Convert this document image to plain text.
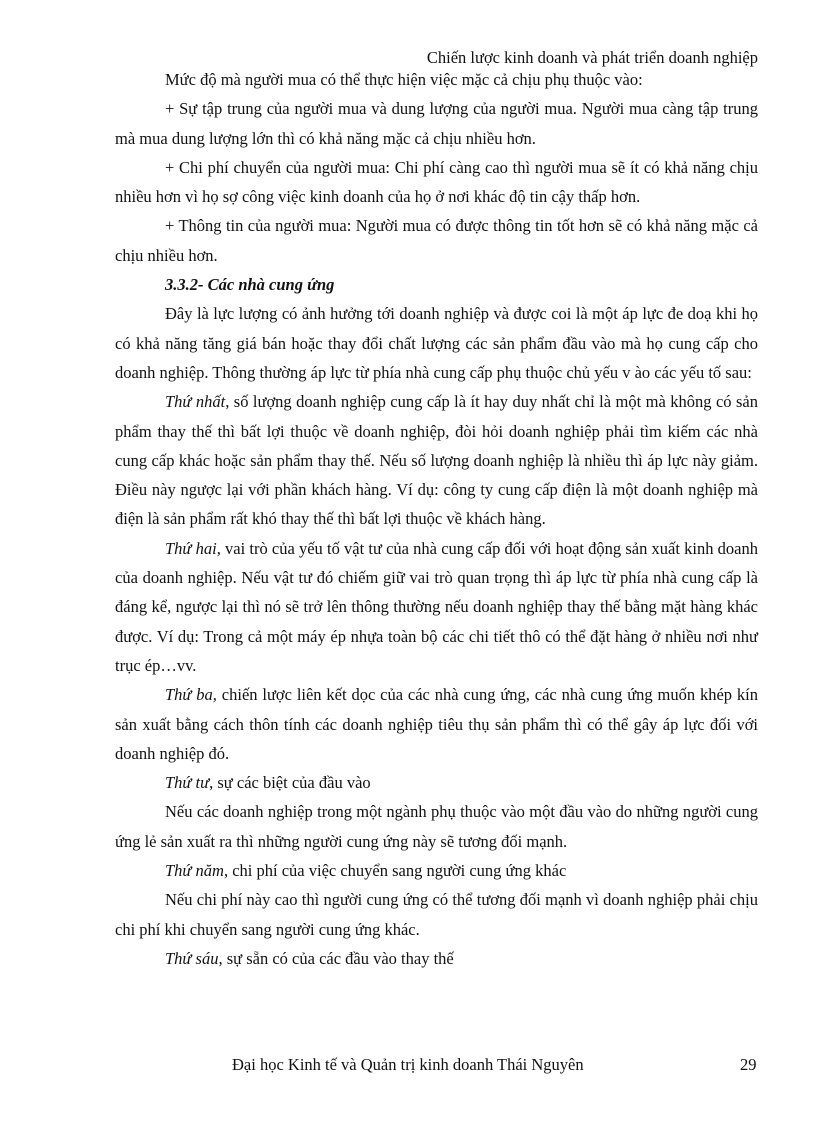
Chiến lược kinh doanh và phát triển doanh nghiệp

Mức độ mà người mua có thể thực hiện việc mặc cả chịu phụ thuộc vào:

+ Sự tập trung của người mua và dung lượng của người mua. Người mua càng tập trung mà mua dung lượng lớn thì có khả năng mặc cả chịu nhiều hơn.

+ Chi phí chuyển của người mua: Chi phí càng cao thì người mua sẽ ít có khả năng chịu nhiều hơn vì họ sợ công việc kinh doanh của họ ở nơi khác độ tin cậy thấp hơn.

+ Thông tin của người mua: Người mua có được thông tin tốt hơn sẽ có khả năng mặc cả chịu nhiều hơn.

3.3.2- Các nhà cung ứng

Đây là lực lượng có ảnh hưởng tới doanh nghiệp và được coi là một áp lực đe doạ khi họ có khả năng tăng giá bán hoặc thay đổi chất lượng các sản phẩm đầu vào mà họ cung cấp cho doanh nghiệp. Thông thường áp lực từ phía nhà cung cấp phụ thuộc chủ yếu v ào các yếu tố sau:

Thứ nhất, số lượng doanh nghiệp cung cấp là ít hay duy nhất chỉ là một mà không có sản phẩm thay thế thì bất lợi thuộc về doanh nghiệp, đòi hỏi doanh nghiệp phải tìm kiếm các nhà cung cấp khác hoặc sản phẩm thay thế. Nếu số lượng doanh nghiệp là nhiều thì áp lực này giảm. Điều này ngược lại với phần khách hàng. Ví dụ: công ty cung cấp điện là một doanh nghiệp mà điện là sản phẩm rất khó thay thế thì bất lợi thuộc về khách hàng.

Thứ hai, vai trò của yếu tố vật tư của nhà cung cấp đối với hoạt động sản xuất kinh doanh của doanh nghiệp. Nếu vật tư đó chiếm giữ vai trò quan trọng thì áp lực từ phía nhà cung cấp là đáng kể, ngược lại thì nó sẽ trở lên thông thường nếu doanh nghiệp thay thế bằng mặt hàng khác được. Ví dụ: Trong cả một máy ép nhựa toàn bộ các chi tiết thô có thể đặt hàng ở nhiều nơi như trục ép…vv.

Thứ ba, chiến lược liên kết dọc của các nhà cung ứng, các nhà cung ứng muốn khép kín sản xuất bằng cách thôn tính các doanh nghiệp tiêu thụ sản phẩm thì có thể gây áp lực đối với doanh nghiệp đó.

Thứ tư, sự các biệt của đầu vào

Nếu các doanh nghiệp trong một ngành phụ thuộc vào một đầu vào do những người cung ứng lẻ sản xuất ra thì những người cung ứng này sẽ tương đối mạnh.

Thứ năm, chi phí của việc chuyển sang người cung ứng khác

Nếu chi phí này cao thì người cung ứng có thể tương đối mạnh vì doanh nghiệp phải chịu chi phí khi chuyển sang người cung ứng khác.

Thứ sáu, sự sẵn có của các đầu vào thay thế

Đại học Kinh tế và Quản trị kinh doanh Thái Nguyên	29
